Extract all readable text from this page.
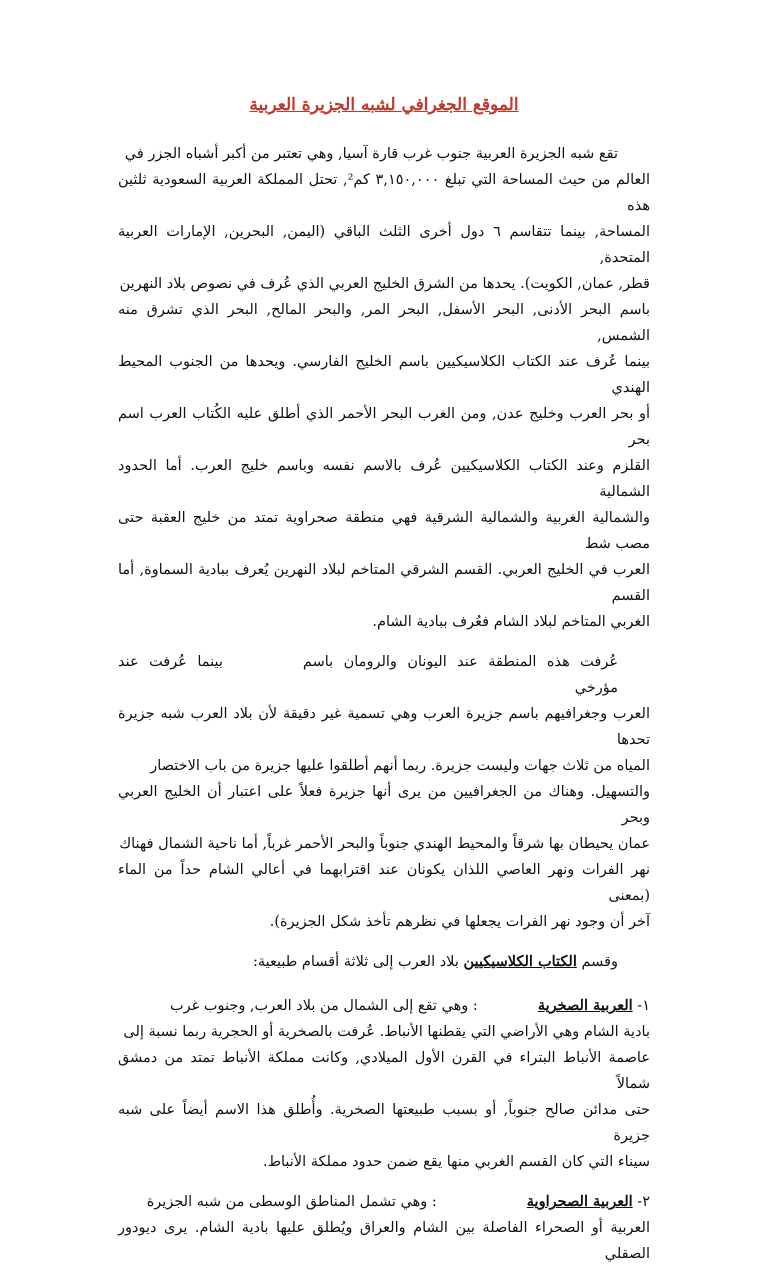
الموقع الجغرافي لشبه الجزيرة العربية

تقع شبه الجزيرة العربية جنوب غرب قارة آسيا, وهي تعتبر من أكبر أشباه الجزر في

العالم من حيث المساحة التي تبلغ ٣,١٥٠,٠٠٠ كم², تحتل المملكة العربية السعودية ثلثين هذه

المساحة, بينما تتقاسم ٦ دول أخرى الثلث الباقي (اليمن, البحرين, الإمارات العربية المتحدة,

قطر, عمان, الكويت). يحدها من الشرق الخليج العربي الذي عُرف في نصوص بلاد النهرين

باسم البحر الأدنى, البحر الأسفل, البحر المر, والبحر المالح, البحر الذي تشرق منه الشمس,

بينما عُرف عند الكتاب الكلاسيكيين باسم الخليج الفارسي. ويحدها من الجنوب المحيط الهندي

أو بحر العرب وخليج عدن, ومن الغرب البحر الأحمر الذي أطلق عليه الكُتاب العرب اسم بحر

القلزم وعند الكتاب الكلاسيكيين عُرف بالاسم نفسه وباسم خليج العرب. أما الحدود الشمالية

والشمالية الغربية والشمالية الشرقية فهي منطقة صحراوية تمتد من خليج العقبة حتى مصب شط

العرب في الخليج العربي. القسم الشرقي المتاخم لبلاد النهرين يُعرف ببادية السماوة, أما القسم

الغربي المتاخم لبلاد الشام فعُرف ببادية الشام.

عُرفت هذه المنطقة عند اليونان والرومان باسمبينما عُرفت عند مؤرخي

العرب وجغرافيهم باسم جزيرة العرب وهي تسمية غير دقيقة لأن بلاد العرب شبه جزيرة تحدها

المياه من ثلاث جهات وليست جزيرة. ربما أنهم أطلقوا عليها جزيرة من باب الاختصار

والتسهيل. وهناك من الجغرافيين من يرى أنها جزيرة فعلاً على اعتبار أن الخليج العربي وبحر

عمان يحيطان بها شرقاً والمحيط الهندي جنوباً والبحر الأحمر غرباً, أما ناحية الشمال فهناك

نهر الفرات ونهر العاصي اللذان يكونان عند اقترابهما في أعالي الشام حداً من الماء (بمعنى

آخر أن وجود نهر الفرات يجعلها في نظرهم تأخذ شكل الجزيرة).

وقسم الكتاب الكلاسيكيين بلاد العرب إلى ثلاثة أقسام طبيعية:

١- العربية الصخرية: وهي تقع إلى الشمال من بلاد العرب, وجنوب غرب

بادية الشام وهي الأراضي التي يقطنها الأنباط. عُرفت بالصخرية أو الحجرية ربما نسبة إلى

عاصمة الأنباط البتراء في القرن الأول الميلادي, وكانت مملكة الأنباط تمتد من دمشق شمالاً

حتى مدائن صالح جنوباً, أو بسبب طبيعتها الصخرية. وأُطلق هذا الاسم أيضاً على شبه جزيرة

سيناء التي كان القسم الغربي منها يقع ضمن حدود مملكة الأنباط.

٢- العربية الصحراوية: وهي تشمل المناطق الوسطى من شبه الجزيرة

العربية أو الصحراء الفاصلة بين الشام والعراق ويُطلق عليها بادية الشام. يرى ديودور الصقلي
